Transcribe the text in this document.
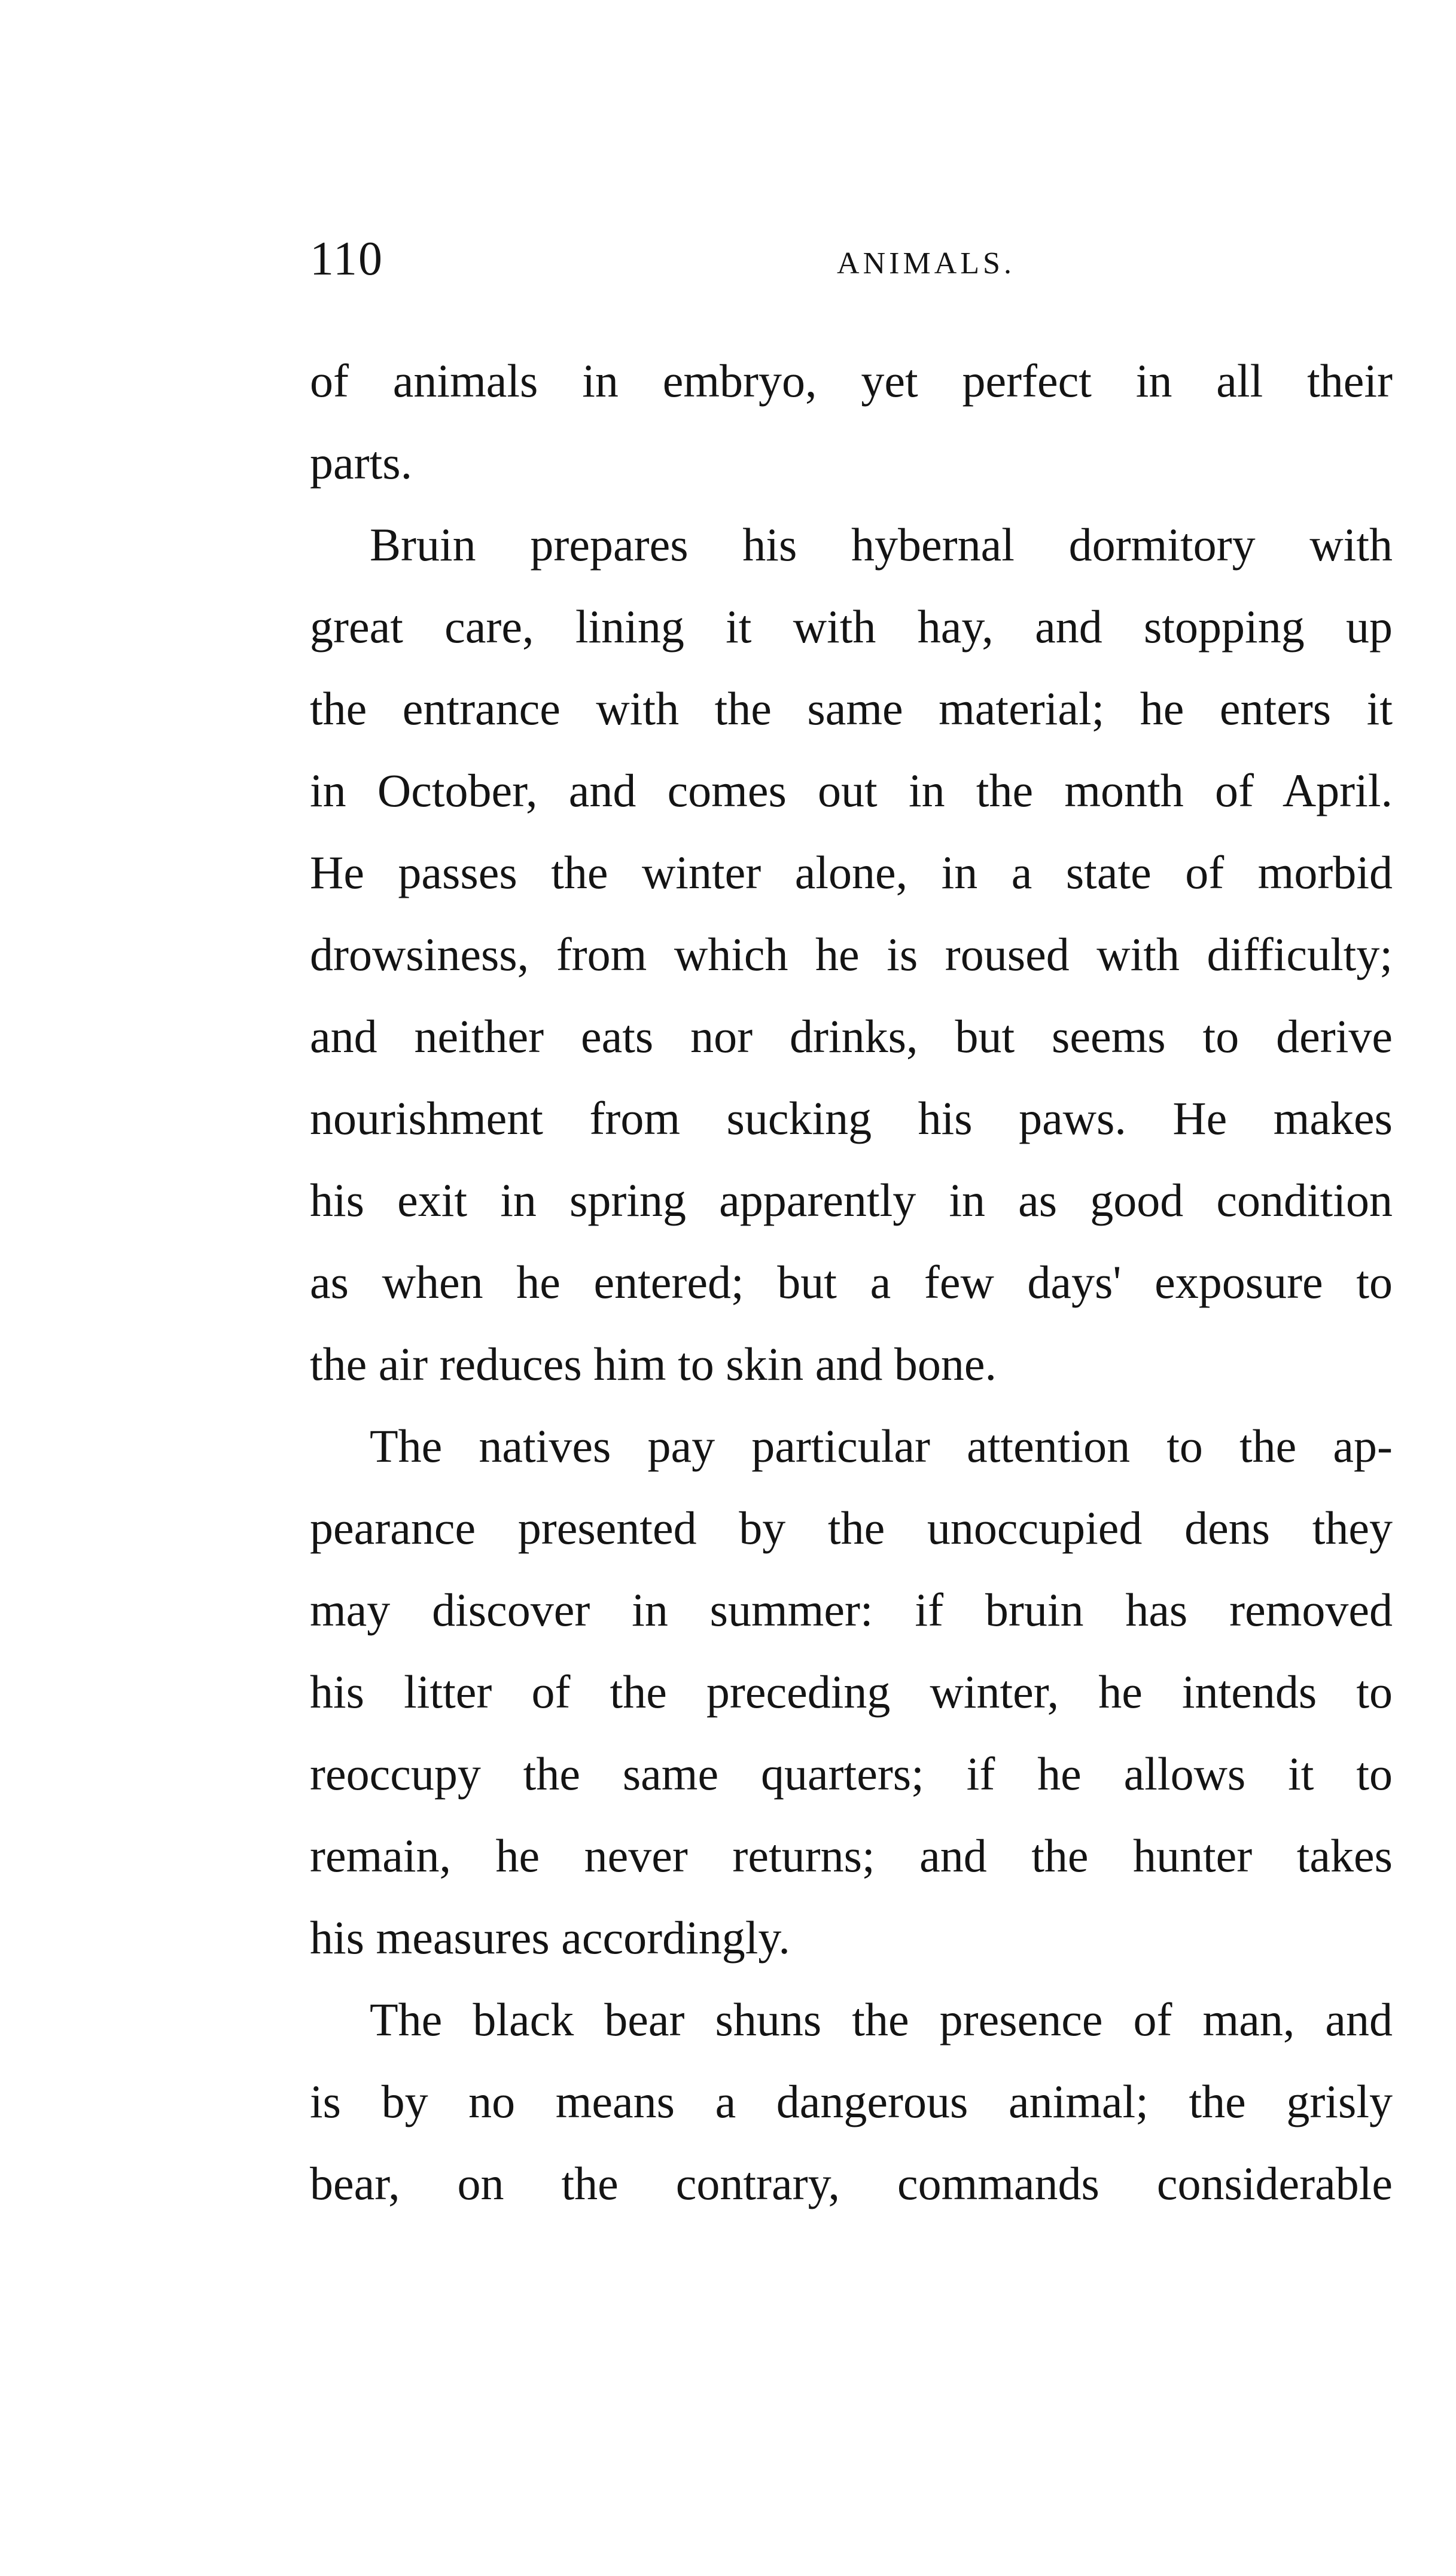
110	ANIMALS.
of animals in embryo, yet perfect in all their
parts.
Bruin prepares his hybernal dormitory with
great care, lining it with hay, and stopping up
the entrance with the same material; he enters it
in October, and comes out in the month of April.
He passes the winter alone, in a state of morbid
drowsiness, from which he is roused with difficulty;
and neither eats nor drinks, but seems to derive
nourishment from sucking his paws. He makes
his exit in spring apparently in as good condition
as when he entered; but a few days' exposure to
the air reduces him to skin and bone.
The natives pay particular attention to the ap-
pearance presented by the unoccupied dens they
may discover in summer: if bruin has removed
his litter of the preceding winter, he intends to
reoccupy the same quarters; if he allows it to
remain, he never returns; and the hunter takes
his measures accordingly.
The black bear shuns the presence of man, and
is by no means a dangerous animal; the grisly
bear, on the contrary, commands considerable
